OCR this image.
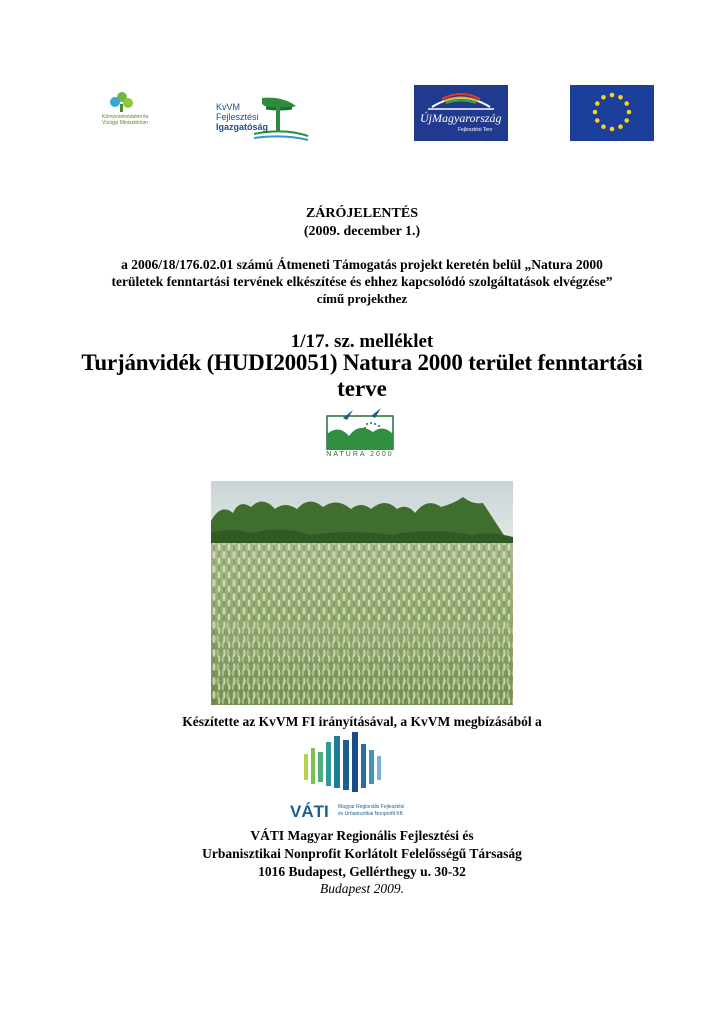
Környezetvédelmi és Vízügyi Minisztérium
KvVM
Fejlesztési
Igazgatóság
ÚjMagyarország
Fejlesztési Terv
ZÁRÓJELENTÉS
(2009. december 1.)
a 2006/18/176.02.01 számú Átmeneti Támogatás projekt keretén belül „Natura 2000
területek fenntartási tervének elkészítése és ehhez kapcsolódó szolgáltatások elvégzése”
című projekthez
1/17. sz. melléklet
Turjánvidék (HUDI20051) Natura 2000 terület fenntartási
terve
NATURA 2000
Készítette az KvVM FI irányításával, a KvVM megbízásából a
VÁTI Magyar Regionális Fejlesztési
és Urbanisztikai Nonprofit Kft.
VÁTI Magyar Regionális Fejlesztési és
Urbanisztikai Nonprofit Korlátolt Felelősségű Társaság
1016 Budapest, Gellérthegy u. 30-32
Budapest 2009.
